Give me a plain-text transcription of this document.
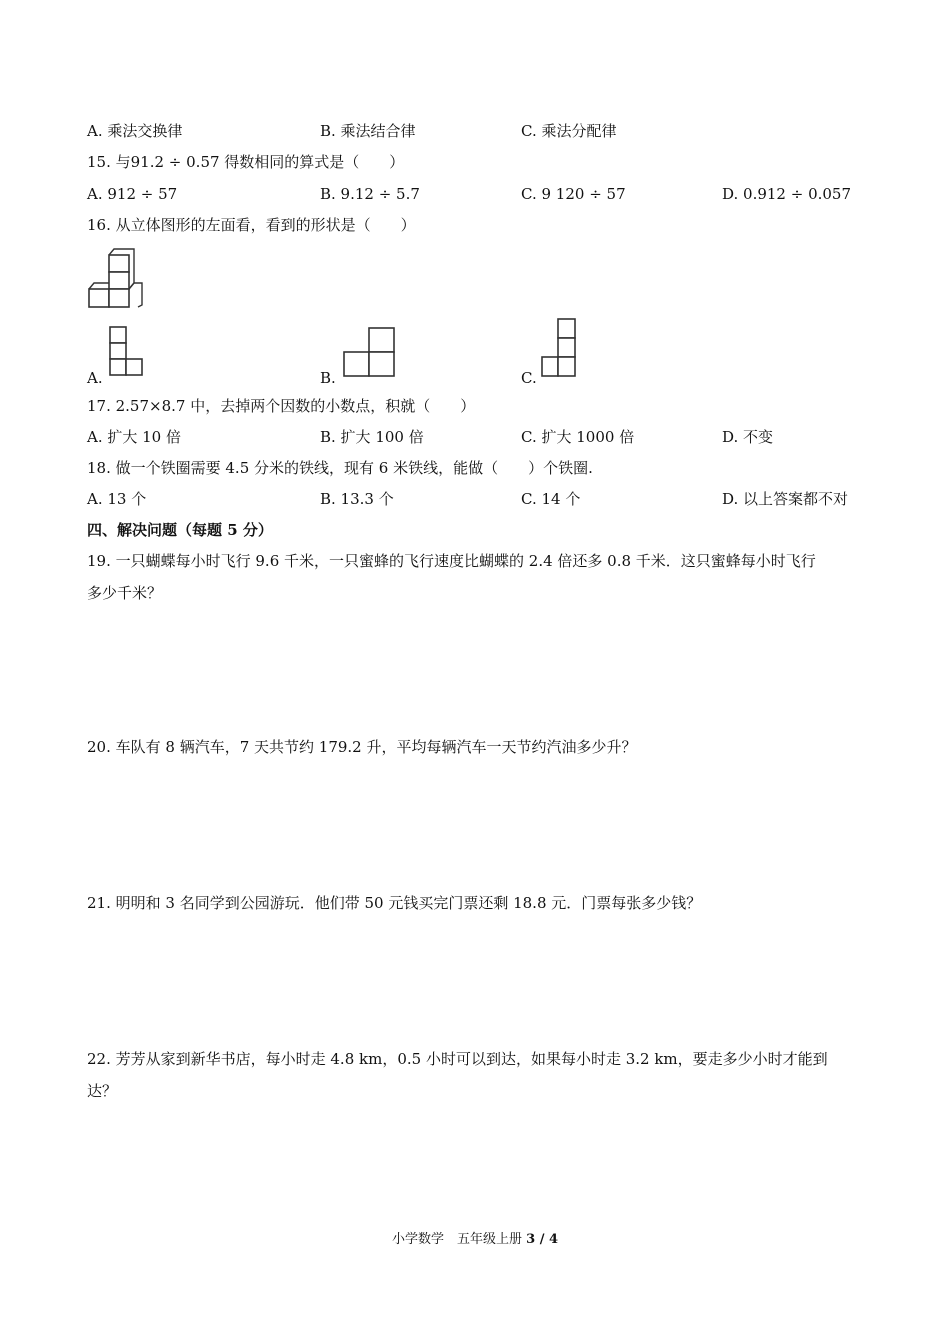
A. 乘法交换律	B. 乘法结合律	C. 乘法分配律
15. 与91.2 ÷ 0.57 得数相同的算式是（　　）
A. 912 ÷ 57	B. 9.12 ÷ 5.7	C. 9 120 ÷ 57	D. 0.912 ÷ 0.057
16. 从立体图形的左面看，看到的形状是（　　）
A.	B.	C.
17. 2.57×8.7 中，去掉两个因数的小数点，积就（　　）
A. 扩大 10 倍	B. 扩大 100 倍	C. 扩大 1000 倍	D. 不变
18. 做一个铁圈需要 4.5 分米的铁线，现有 6 米铁线，能做（　　）个铁圈.
A. 13 个	B. 13.3 个	C. 14 个	D. 以上答案都不对
四、解决问题（每题 5 分）
19. 一只蝴蝶每小时飞行 9.6 千米，一只蜜蜂的飞行速度比蝴蝶的 2.4 倍还多 0.8 千米．这只蜜蜂每小时飞行
多少千米？
20. 车队有 8 辆汽车，7 天共节约 179.2 升，平均每辆汽车一天节约汽油多少升？
21. 明明和 3 名同学到公园游玩．他们带 50 元钱买完门票还剩 18.8 元．门票每张多少钱？
22. 芳芳从家到新华书店，每小时走 4.8 km，0.5 小时可以到达，如果每小时走 3.2 km，要走多少小时才能到
达？
小学数学　五年级上册 3 / 4
